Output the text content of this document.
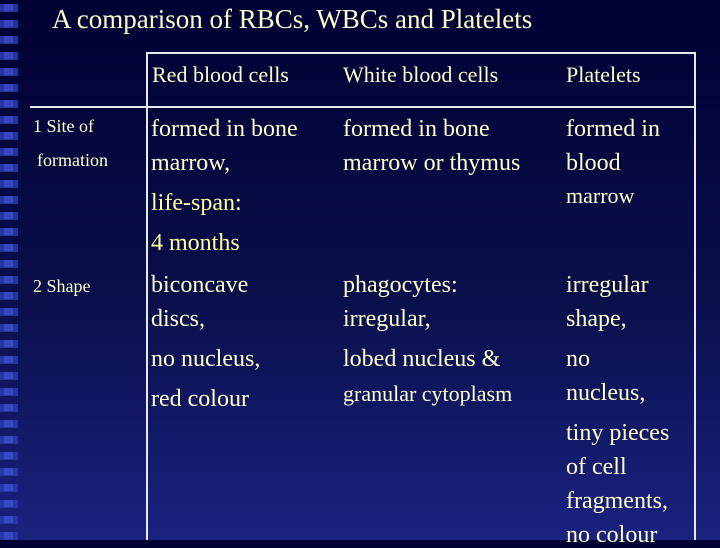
A comparison of RBCs, WBCs and Platelets
Red blood cells White blood cells	Platelets
1 Site of
formation
formed in bone
marrow,
life-span:
4 months
formed in bone
marrow or thymus
formed in
blood
marrow
2 Shape	biconcave
discs,
no nucleus,
red colour
phagocytes:
irregular,
lobed nucleus &
granular cytoplasm
irregular
shape,
no
nucleus,
tiny pieces
of cell
fragments,
no colour
